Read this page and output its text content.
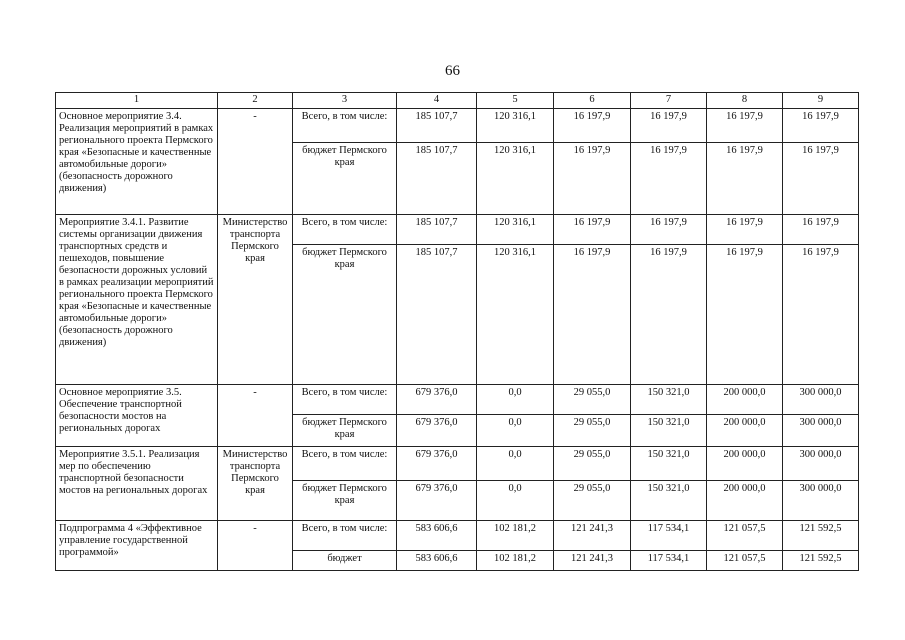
66
1	2	3	4	5	6	7	8	9
Основное мероприятие 3.4. Реализация мероприятий в рамках регионального проекта Пермского края «Безопасные и качественные автомобильные дороги» (безопасность дорожного движения)	-	Всего, в том числе:	185 107,7	120 316,1	16 197,9	16 197,9	16 197,9	16 197,9
		бюджет Пермского края	185 107,7	120 316,1	16 197,9	16 197,9	16 197,9	16 197,9
Мероприятие 3.4.1. Развитие системы организации движения транспортных средств и пешеходов, повышение безопасности дорожных условий в рамках реализации мероприятий регионального проекта Пермского края «Безопасные и качественные автомобильные дороги» (безопасность дорожного движения)	Министерство транспорта Пермского края	Всего, в том числе:	185 107,7	120 316,1	16 197,9	16 197,9	16 197,9	16 197,9
		бюджет Пермского края	185 107,7	120 316,1	16 197,9	16 197,9	16 197,9	16 197,9
Основное мероприятие 3.5. Обеспечение транспортной безопасности мостов на региональных дорогах	-	Всего, в том числе:	679 376,0	0,0	29 055,0	150 321,0	200 000,0	300 000,0
		бюджет Пермского края	679 376,0	0,0	29 055,0	150 321,0	200 000,0	300 000,0
Мероприятие 3.5.1. Реализация мер по обеспечению транспортной безопасности мостов на региональных дорогах	Министерство транспорта Пермского края	Всего, в том числе:	679 376,0	0,0	29 055,0	150 321,0	200 000,0	300 000,0
		бюджет Пермского края	679 376,0	0,0	29 055,0	150 321,0	200 000,0	300 000,0
Подпрограмма 4 «Эффективное управление государственной программой»	-	Всего, в том числе:	583 606,6	102 181,2	121 241,3	117 534,1	121 057,5	121 592,5
		бюджет	583 606,6	102 181,2	121 241,3	117 534,1	121 057,5	121 592,5
